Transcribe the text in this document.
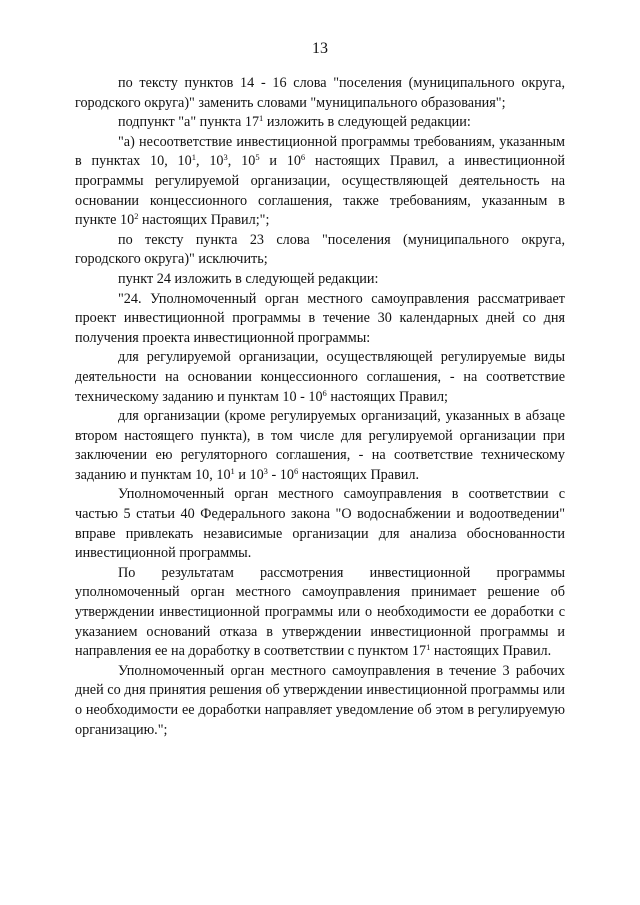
13

по тексту пунктов 14 - 16 слова "поселения (муниципального округа, городского округа)" заменить словами "муниципального образования";

подпункт "а" пункта $17^1$ изложить в следующей редакции:

"а) несоответствие инвестиционной программы требованиям, указанным в пунктах 10, $10^1$, $10^3$, $10^5$ и $10^6$ настоящих Правил, а инвестиционной программы регулируемой организации, осуществляющей деятельность на основании концессионного соглашения, также требованиям, указанным в пункте $10^2$ настоящих Правил;";

по тексту пункта 23 слова "поселения (муниципального округа, городского округа)" исключить;

пункт 24 изложить в следующей редакции:

"24. Уполномоченный орган местного самоуправления рассматривает проект инвестиционной программы в течение 30 календарных дней со дня получения проекта инвестиционной программы:

для регулируемой организации, осуществляющей регулируемые виды деятельности на основании концессионного соглашения, - на соответствие техническому заданию и пунктам $10 - 10^6$ настоящих Правил;

для организации (кроме регулируемых организаций, указанных в абзаце втором настоящего пункта), в том числе для регулируемой организации при заключении ею регуляторного соглашения, - на соответствие техническому заданию и пунктам 10, $10^1$ и $10^3 - 10^6$ настоящих Правил.

Уполномоченный орган местного самоуправления в соответствии с частью 5 статьи 40 Федерального закона "О водоснабжении и водоотведении" вправе привлекать независимые организации для анализа обоснованности инвестиционной программы.

По результатам рассмотрения инвестиционной программы уполномоченный орган местного самоуправления принимает решение об утверждении инвестиционной программы или о необходимости ее доработки с указанием оснований отказа в утверждении инвестиционной программы и направления ее на доработку в соответствии с пунктом $17^1$ настоящих Правил.

Уполномоченный орган местного самоуправления в течение 3 рабочих дней со дня принятия решения об утверждении инвестиционной программы или о необходимости ее доработки направляет уведомление об этом в регулируемую организацию.";
